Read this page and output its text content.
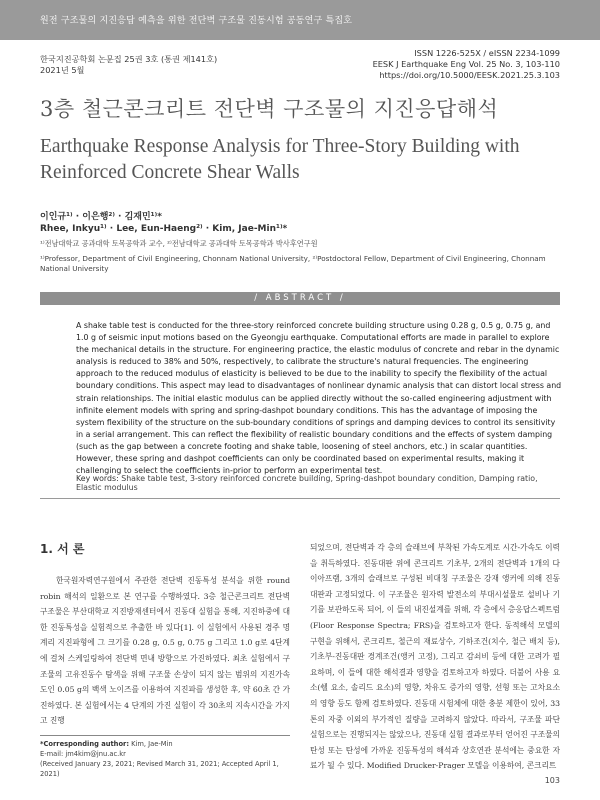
원전 구조물의 지진응답 예측을 위한 전단벽 구조물 진동시험 공동연구 특집호
한국지진공학회 논문집 25권 3호 (통권 제141호)
2021년 5월
ISSN 1226-525X / eISSN 2234-1099
EESK J Earthquake Eng Vol. 25 No. 3, 103-110
https://doi.org/10.5000/EESK.2021.25.3.103
3층 철근콘크리트 전단벽 구조물의 지진응답해석
Earthquake Response Analysis for Three-Story Building with Reinforced Concrete Shear Walls
이인규¹⁾ · 이은행²⁾ · 김재민¹⁾*
Rhee, Inkyu¹⁾ · Lee, Eun-Haeng²⁾ · Kim, Jae-Min¹⁾*
¹⁾전남대학교 공과대학 토목공학과 교수, ²⁾전남대학교 공과대학 토목공학과 박사후연구원
¹⁾Professor, Department of Civil Engineering, Chonnam National University, ²⁾Postdoctoral Fellow, Department of Civil Engineering, Chonnam National University
/ ABSTRACT /
A shake table test is conducted for the three-story reinforced concrete building structure using 0.28 g, 0.5 g, 0.75 g, and 1.0 g of seismic input motions based on the Gyeongju earthquake. Computational efforts are made in parallel to explore the mechanical details in the structure. For engineering practice, the elastic modulus of concrete and rebar in the dynamic analysis is reduced to 38% and 50%, respectively, to calibrate the structure's natural frequencies. The engineering approach to the reduced modulus of elasticity is believed to be due to the inability to specify the flexibility of the actual boundary conditions. This aspect may lead to disadvantages of nonlinear dynamic analysis that can distort local stress and strain relationships. The initial elastic modulus can be applied directly without the so-called engineering adjustment with infinite element models with spring and spring-dashpot boundary conditions. This has the advantage of imposing the system flexibility of the structure on the sub-boundary conditions of springs and damping devices to control its sensitivity in a serial arrangement. This can reflect the flexibility of realistic boundary conditions and the effects of system damping (such as the gap between a concrete footing and shake table, loosening of steel anchors, etc.) in scalar quantities. However, these spring and dashpot coefficients can only be coordinated based on experimental results, making it challenging to select the coefficients in-prior to perform an experimental test.
Key words: Shake table test, 3-story reinforced concrete building, Spring-dashpot boundary condition, Damping ratio, Elastic modulus
1. 서 론
한국원자력연구원에서 주관한 전단벽 진동특성 분석을 위한 round robin 해석의 일환으로 본 연구를 수행하였다. 3층 철근콘크리트 전단벽 구조물은 부산대학교 지진방재센터에서 진동대 실험을 통해, 지진하중에 대한 진동특성을 실험적으로 추출한 바 있다[1]. 이 실험에서 사용된 경주 명계리 지진파형에 그 크기를 0.28 g, 0.5 g, 0.75 g 그리고 1.0 g로 4단계에 걸쳐 스케일링하여 전단벽 면내 방향으로 가진하였다. 최초 실험에서 구조물의 고유진동수 탐색을 위해 구조물 손상이 되지 않는 범위의 지진가속도인 0.05 g의 백색 노이즈를 이용하여 지진파를 생성한 후, 약 60초 간 가진하였다. 본 실험에서는 4 단계의 가진 실험이 각 30초의 지속시간을 가지고 진행
되었으며, 전단벽과 각 층의 슬래브에 부착된 가속도계로 시간-가속도 이력을 취득하였다. 진동대판 위에 콘크리트 기초부, 2개의 전단벽과 1개의 다이아프램, 3개의 슬래브로 구성된 비대칭 구조물은 강재 앵커에 의해 진동대판과 고정되었다. 이 구조물은 원자력 발전소의 부대시설물로 설비나 기기를 보관하도록 되어, 이 들의 내진설계를 위해, 각 층에서 층응답스펙트럼 (Floor Response Spectra; FRS)을 검토하고자 한다. 동적해석 모델의 구현을 위해서, 콘크리트, 철근의 재료상수, 기하조건(치수, 철근 배치 등), 기초부-진동대판 경계조건(앵커 고정), 그리고 감쇠비 등에 대한 고려가 필요하며, 이 들에 대한 해석결과 영향을 검토하고자 하였다. 더불어 사용 요소(쉘 요소, 솔리드 요소)의 영향, 차유도 증가의 영향, 선형 또는 고차요소의 영향 등도 함께 검토하였다. 진동대 시험체에 대한 충분 제한이 있어, 33톤의 자중 이외의 부가적인 질량을 고려하지 않았다. 따라서, 구조물 파단 실험으로는 진행되지는 않았으나, 진동대 실험 결과로부터 얻어진 구조물의 탄성 또는 탄성에 가까운 진동특성의 해석과 상호연관 분석에는 중요한 자료가 될 수 있다. Modified Drucker-Prager 모델을 이용하여, 콘크리트
*Corresponding author: Kim, Jae-Min
E-mail: jm4kim@jnu.ac.kr
(Received January 23, 2021; Revised March 31, 2021; Accepted April 1, 2021)
103
